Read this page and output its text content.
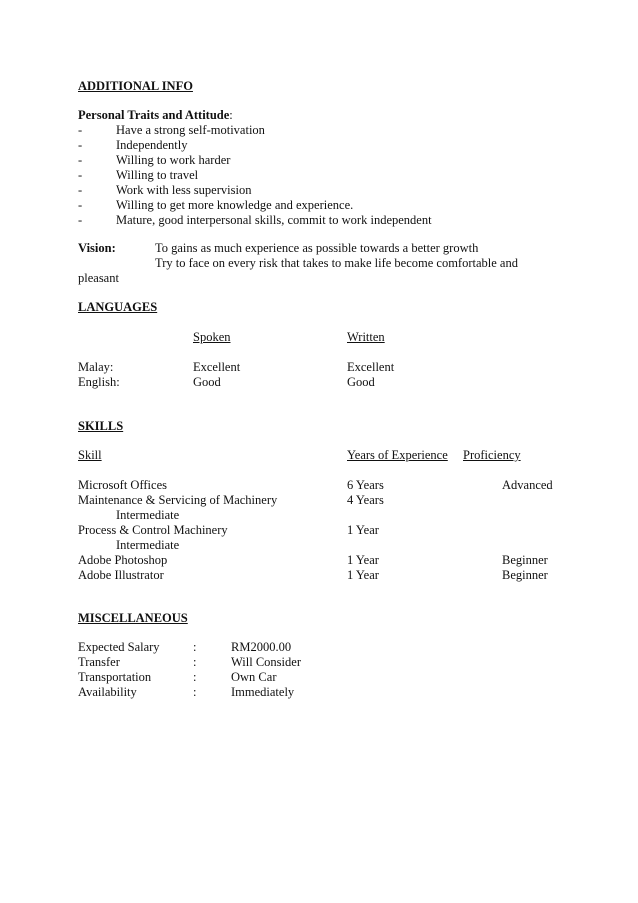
ADDITIONAL INFO
Personal Traits and Attitude:
-	Have a strong self-motivation
-	Independently
-	Willing to work harder
-	Willing to travel
-	Work with less supervision
-	Willing to get more knowledge and experience.
-	Mature, good interpersonal skills, commit to work independent
Vision:	To gains as much experience as possible towards a better growth
Try to face on every risk that takes to make life become comfortable and
pleasant
LANGUAGES
Spoken	Written
Malay:	Excellent	Excellent
English:	Good	Good
SKILLS
Skill	Years of Experience Proficiency
Microsoft Offices	6 Years	Advanced
Maintenance & Servicing of Machinery	4 Years
Intermediate
Process & Control Machinery	1 Year
Intermediate
Adobe Photoshop	1 Year	Beginner
Adobe Illustrator	1 Year	Beginner
MISCELLANEOUS
Expected Salary	:	RM2000.00
Transfer	:	Will Consider
Transportation	:	Own Car
Availability	:	Immediately
